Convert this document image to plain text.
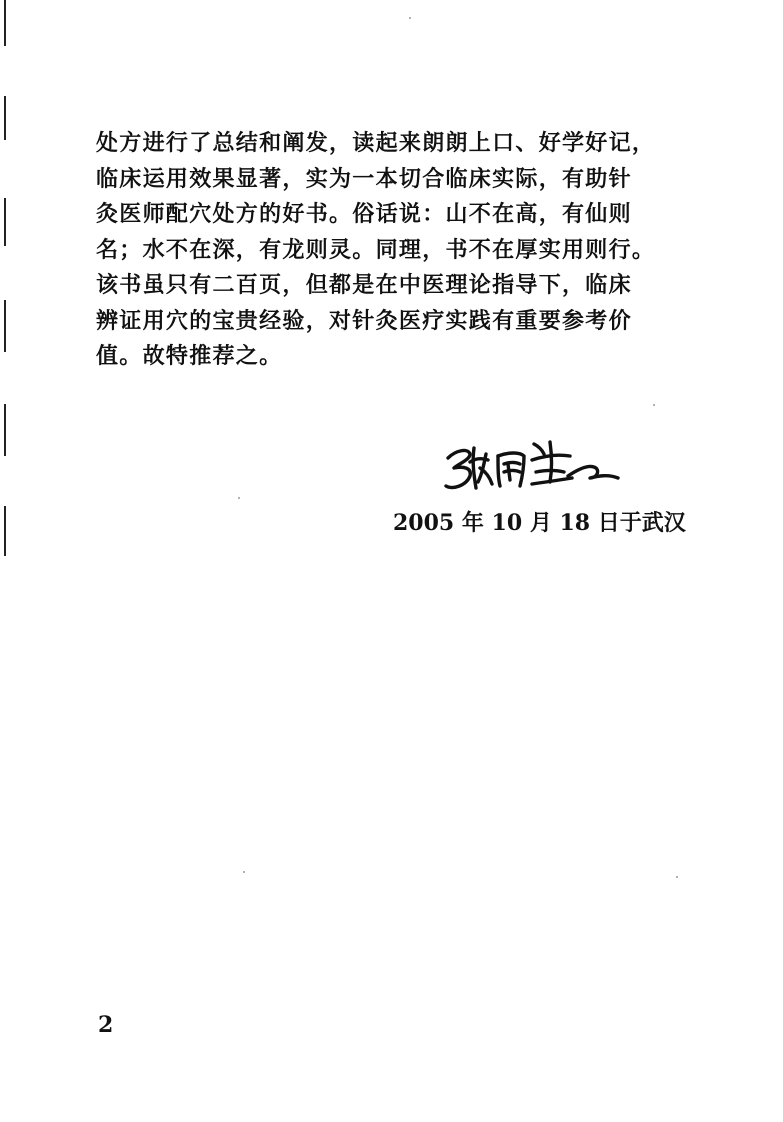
处方进行了总结和阐发，读起来朗朗上口、好学好记，
临床运用效果显著，实为一本切合临床实际，有助针
灸医师配穴处方的好书。俗话说：山不在高，有仙则
名；水不在深，有龙则灵。同理，书不在厚实用则行。
该书虽只有二百页，但都是在中医理论指导下，临床
辨证用穴的宝贵经验，对针灸医疗实践有重要参考价
值。故特推荐之。
2005 年 10 月 18 日于武汉
2
